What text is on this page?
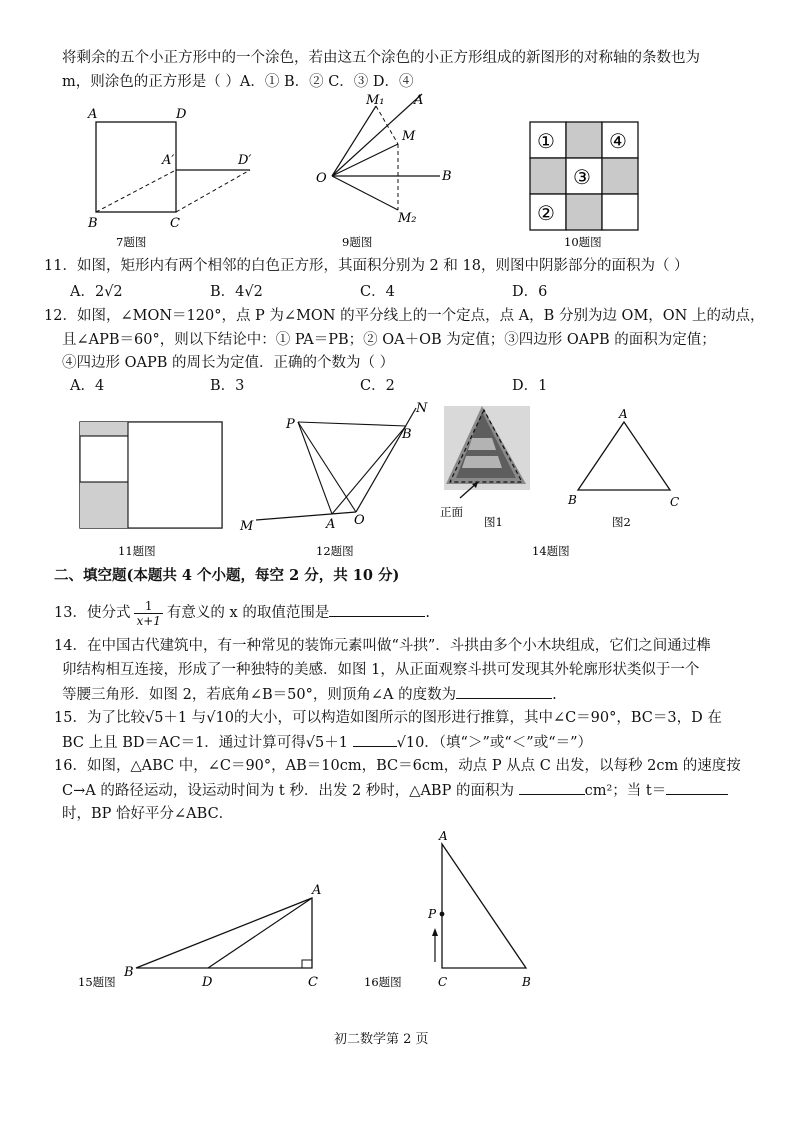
将剩余的五个小正方形中的一个涂色，若由这五个涂色的小正方形组成的新图形的对称轴的条数也为
m，则涂色的正方形是（ ）A．① B．② C．③ D．④
A	D
A′	D′
B	C
7题图
M₁ A
M
O	B
M₂
9题图
①	④
③
②
10题图
11．如图，矩形内有两个相邻的白色正方形，其面积分别为 2 和 18，则图中阴影部分的面积为（ ）
A．2√2	B．4√2	C．4	D．6
12．如图，∠MON＝120°，点 P 为∠MON 的平分线上的一个定点，点 A，B 分别为边 OM，ON 上的动点，
且∠APB＝60°，则以下结论中：① PA＝PB；② OA＋OB 为定值；③四边形 OAPB 的面积为定值；
④四边形 OAPB 的周长为定值．正确的个数为（ ）
A．4	B．3	C．2	D．1
11题图
P
N
B
M	A O
12题图
正面
图1
A
B	C
图2
14题图
二、填空题(本题共 4 个小题，每空 2 分，共 10 分)
13．使分式 $\frac{1}{x+1}$ 有意义的 x 的取值范围是	.
14．在中国古代建筑中，有一种常见的装饰元素叫做“斗拱”．斗拱由多个小木块组成，它们之间通过榫
卯结构相互连接，形成了一种独特的美感．如图 1，从正面观察斗拱可发现其外轮廓形状类似于一个
等腰三角形．如图 2，若底角∠B＝50°，则顶角∠A 的度数为	.
15．为了比较√5＋1 与√10的大小，可以构造如图所示的图形进行推算，其中∠C＝90°，BC＝3，D 在
BC 上且 BD＝AC＝1．通过计算可得√5＋1	√10．（填“＞”或“＜”或“＝”）
16．如图，△ABC 中，∠C＝90°，AB＝10cm，BC＝6cm，动点 P 从点 C 出发，以每秒 2cm 的速度按
C→A 的路径运动，设运动时间为 t 秒．出发 2 秒时，△ABP 的面积为	cm²；当 t＝
时，BP 恰好平分∠ABC．
A
B
D	C
15题图
A
P
C	B
16题图
初二数学第 2 页
